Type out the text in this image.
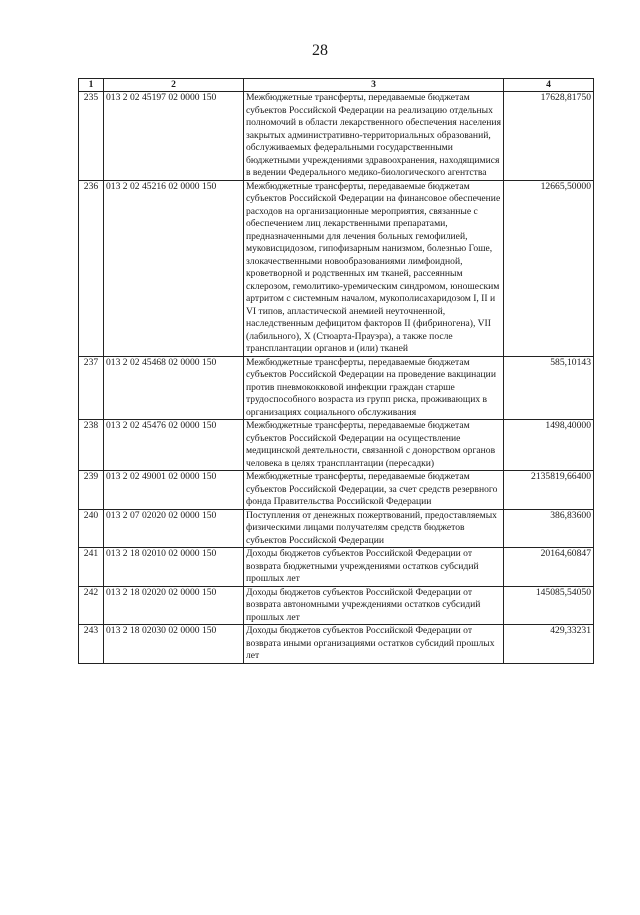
28
1	2	3	4
235	013 2 02 45197 02 0000 150	Межбюджетные трансферты, передаваемые бюджетам субъектов Российской Федерации на реализацию отдельных полномочий в области лекарственного обеспечения населения закрытых административно-территориальных образований, обслуживаемых федеральными государственными бюджетными учреждениями здравоохранения, находящимися в ведении Федерального медико-биологического агентства	17628,81750
236	013 2 02 45216 02 0000 150	Межбюджетные трансферты, передаваемые бюджетам субъектов Российской Федерации на финансовое обеспечение расходов на организационные мероприятия, связанные с обеспечением лиц лекарственными препаратами, предназначенными для лечения больных гемофилией, муковисцидозом, гипофизарным нанизмом, болезнью Гоше, злокачественными новообразованиями лимфоидной, кроветворной и родственных им тканей, рассеянным склерозом, гемолитико-уремическим синдромом, юношеским артритом с системным началом, мукополисахаридозом I, II и VI типов, апластической анемией неуточненной, наследственным дефицитом факторов II (фибриногена), VII (лабильного), X (Стюарта-Прауэра), а также после трансплантации органов и (или) тканей	12665,50000
237	013 2 02 45468 02 0000 150	Межбюджетные трансферты, передаваемые бюджетам субъектов Российской Федерации на проведение вакцинации против пневмококковой инфекции граждан старше трудоспособного возраста из групп риска, проживающих в организациях социального обслуживания	585,10143
238	013 2 02 45476 02 0000 150	Межбюджетные трансферты, передаваемые бюджетам субъектов Российской Федерации на осуществление медицинской деятельности, связанной с донорством органов человека в целях трансплантации (пересадки)	1498,40000
239	013 2 02 49001 02 0000 150	Межбюджетные трансферты, передаваемые бюджетам субъектов Российской Федерации, за счет средств резервного фонда Правительства Российской Федерации	2135819,66400
240	013 2 07 02020 02 0000 150	Поступления от денежных пожертвований, предоставляемых физическими лицами получателям средств бюджетов субъектов Российской Федерации	386,83600
241	013 2 18 02010 02 0000 150	Доходы бюджетов субъектов Российской Федерации от возврата бюджетными учреждениями остатков субсидий прошлых лет	20164,60847
242	013 2 18 02020 02 0000 150	Доходы бюджетов субъектов Российской Федерации от возврата автономными учреждениями остатков субсидий прошлых лет	145085,54050
243	013 2 18 02030 02 0000 150	Доходы бюджетов субъектов Российской Федерации от возврата иными организациями остатков субсидий прошлых лет	429,33231
